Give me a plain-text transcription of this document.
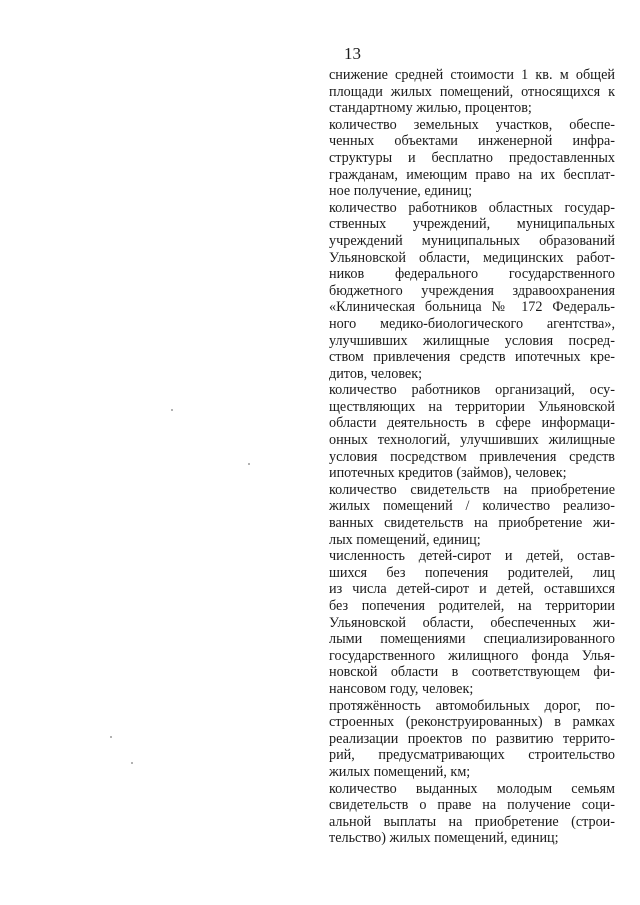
13
снижение средней стоимости 1 кв. м общей
площади жилых помещений, относящихся к
стандартному жилью, процентов;
количество земельных участков, обеспе-
ченных объектами инженерной инфра-
структуры и бесплатно предоставленных
гражданам, имеющим право на их бесплат-
ное получение, единиц;
количество работников областных государ-
ственных учреждений, муниципальных
учреждений муниципальных образований
Ульяновской области, медицинских работ-
ников федерального государственного
бюджетного учреждения здравоохранения
«Клиническая больница № 172 Федераль-
ного медико-биологического агентства»,
улучшивших жилищные условия посред-
ством привлечения средств ипотечных кре-
дитов, человек;
количество работников организаций, осу-
ществляющих на территории Ульяновской
области деятельность в сфере информаци-
онных технологий, улучшивших жилищные
условия посредством привлечения средств
ипотечных кредитов (займов), человек;
количество свидетельств на приобретение
жилых помещений / количество реализо-
ванных свидетельств на приобретение жи-
лых помещений, единиц;
численность детей-сирот и детей, остав-
шихся без попечения родителей, лиц
из числа детей-сирот и детей, оставшихся
без попечения родителей, на территории
Ульяновской области, обеспеченных жи-
лыми помещениями специализированного
государственного жилищного фонда Улья-
новской области в соответствующем фи-
нансовом году, человек;
протяжённость автомобильных дорог, по-
строенных (реконструированных) в рамках
реализации проектов по развитию террито-
рий, предусматривающих строительство
жилых помещений, км;
количество выданных молодым семьям
свидетельств о праве на получение соци-
альной выплаты на приобретение (строи-
тельство) жилых помещений, единиц;
